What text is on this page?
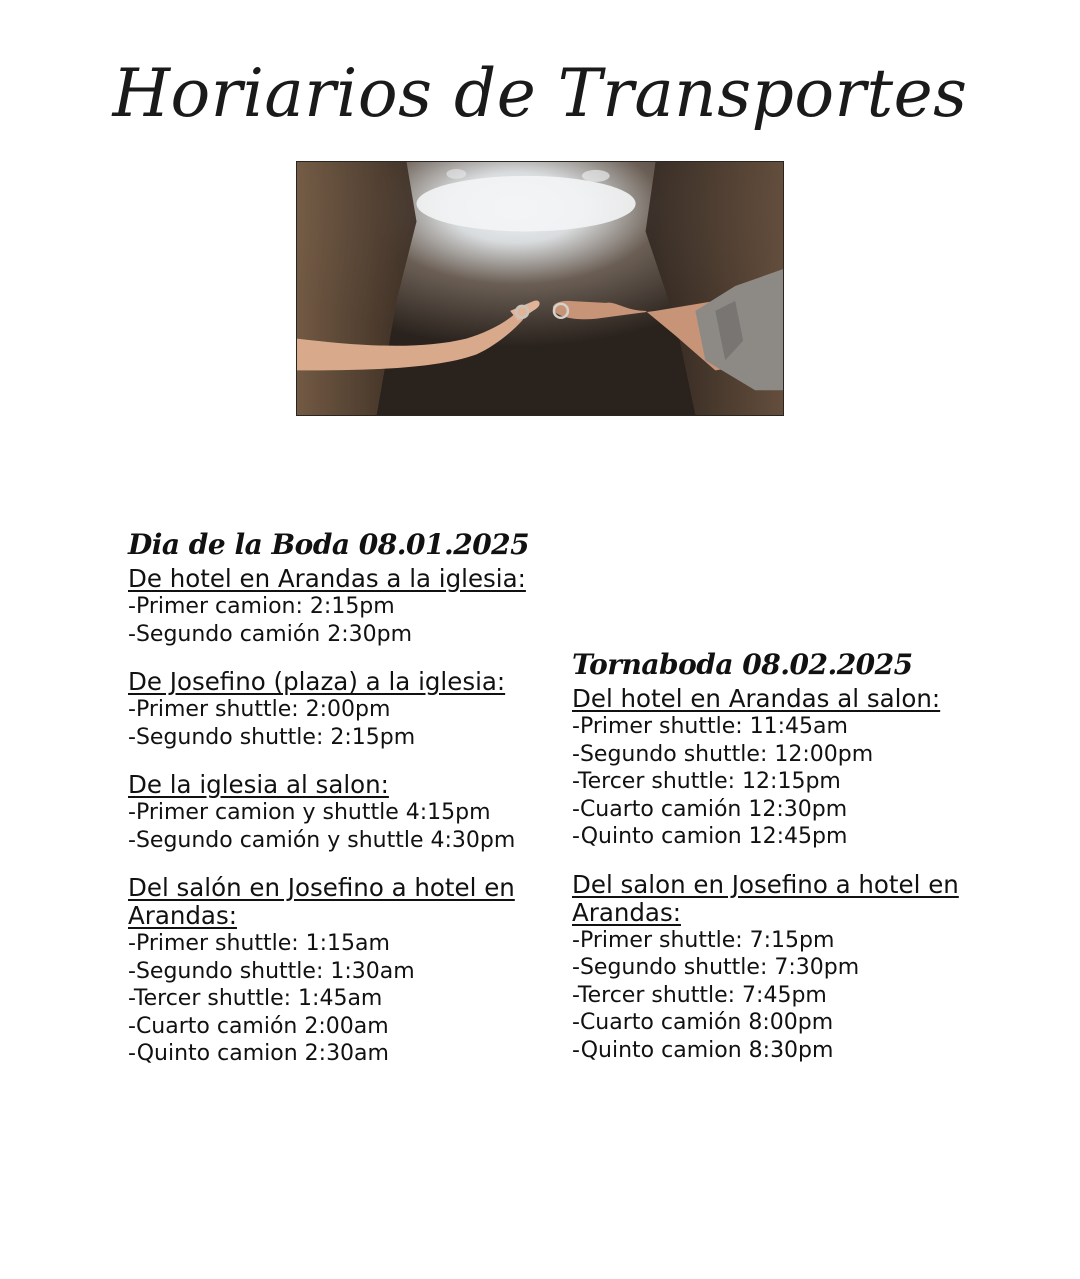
Horiarios de Transportes
Dia de la Boda 08.01.2025
De hotel en Arandas a la iglesia:
-Primer camion: 2:15pm
-Segundo camión 2:30pm
De Josefino (plaza) a la iglesia:
-Primer shuttle: 2:00pm
-Segundo shuttle: 2:15pm
De la iglesia al salon:
-Primer camion y shuttle 4:15pm
-Segundo camión y shuttle 4:30pm
Del salón en Josefino a hotel en Arandas:
-Primer shuttle: 1:15am
-Segundo shuttle: 1:30am
-Tercer shuttle: 1:45am
-Cuarto camión 2:00am
-Quinto camion 2:30am
Tornaboda 08.02.2025
Del hotel en Arandas al salon:
-Primer shuttle: 11:45am
-Segundo shuttle: 12:00pm
-Tercer shuttle: 12:15pm
-Cuarto camión 12:30pm
-Quinto camion 12:45pm
Del salon en Josefino a hotel en Arandas:
-Primer shuttle: 7:15pm
-Segundo shuttle: 7:30pm
-Tercer shuttle: 7:45pm
-Cuarto camión 8:00pm
-Quinto camion 8:30pm
